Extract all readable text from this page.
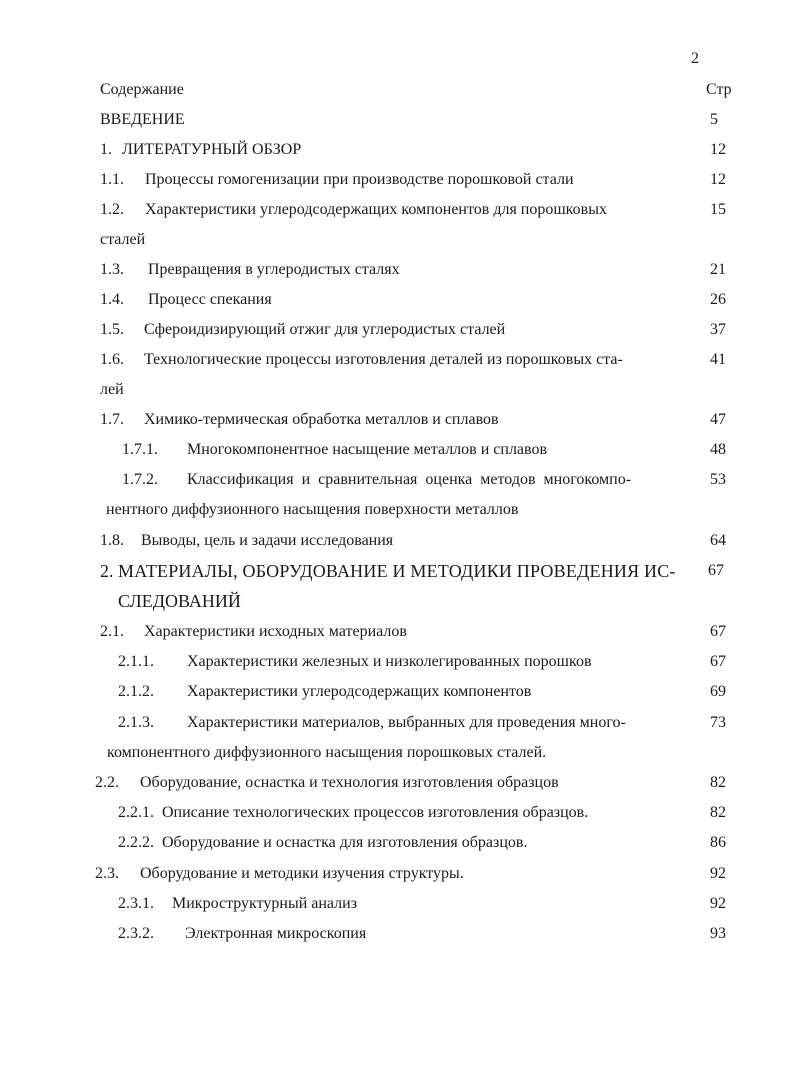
2
Содержание	Стр
ВВЕДЕНИЕ	5
1. ЛИТЕРАТУРНЫЙ ОБЗОР	12
1.1. Процессы гомогенизации при производстве порошковой стали	12
1.2. Характеристики углеродсодержащих компонентов для порошковых	15
сталей
1.3. Превращения в углеродистых сталях	21
1.4. Процесс спекания	26
1.5. Сфероидизирующий отжиг для углеродистых сталей	37
1.6. Технологические процессы изготовления деталей из порошковых ста-	41
лей
1.7. Химико-термическая обработка металлов и сплавов	47
1.7.1. Многокомпонентное насыщение металлов и сплавов	48
1.7.2. Классификация и сравнительная оценка методов многокомпо-	53
нентного диффузионного насыщения поверхности металлов
1.8. Выводы, цель и задачи исследования	64
2. МАТЕРИАЛЫ, ОБОРУДОВАНИЕ И МЕТОДИКИ ПРОВЕДЕНИЯ ИС- 67
СЛЕДОВАНИЙ
2.1. Характеристики исходных материалов	67
2.1.1. Характеристики железных и низколегированных порошков	67
2.1.2. Характеристики углеродсодержащих компонентов	69
2.1.3. Характеристики материалов, выбранных для проведения много-	73
компонентного диффузионного насыщения порошковых сталей.
2.2. Оборудование, оснастка и технология изготовления образцов	82
2.2.1. Описание технологических процессов изготовления образцов.	82
2.2.2. Оборудование и оснастка для изготовления образцов.	86
2.3. Оборудование и методики изучения структуры.	92
2.3.1. Микроструктурный анализ	92
2.3.2. Электронная микроскопия	93
